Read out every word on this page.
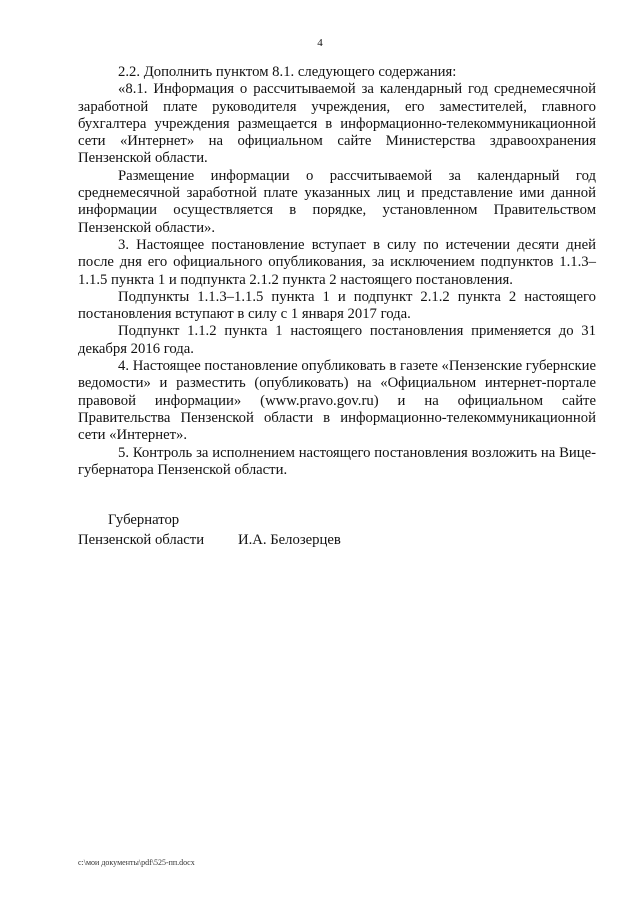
4

2.2. Дополнить пунктом 8.1. следующего содержания:

«8.1. Информация о рассчитываемой за календарный год среднемесячной заработной плате руководителя учреждения, его заместителей, главного бухгалтера учреждения размещается в информационно-телекоммуникационной сети «Интернет» на официальном сайте Министерства здравоохранения Пензенской области.

Размещение информации о рассчитываемой за календарный год среднемесячной заработной плате указанных лиц и представление ими данной информации осуществляется в порядке, установленном Правительством Пензенской области».

3. Настоящее постановление вступает в силу по истечении десяти дней после дня его официального опубликования, за исключением подпунктов 1.1.3–1.1.5 пункта 1 и подпункта 2.1.2 пункта 2 настоящего постановления.

Подпункты 1.1.3–1.1.5 пункта 1 и подпункт 2.1.2 пункта 2 настоящего постановления вступают в силу с 1 января 2017 года.

Подпункт 1.1.2 пункта 1 настоящего постановления применяется до 31 декабря 2016 года.

4. Настоящее постановление опубликовать в газете «Пензенские губернские ведомости» и разместить (опубликовать) на «Официальном интернет-портале правовой информации» (www.pravo.gov.ru) и на официальном сайте Правительства Пензенской области в информационно-телекоммуникационной сети «Интернет».

5. Контроль за исполнением настоящего постановления возложить на Вице-губернатора Пензенской области.

Губернатор
Пензенской области	И.А. Белозерцев
c:\мои документы\pdf\525-пп.docx
